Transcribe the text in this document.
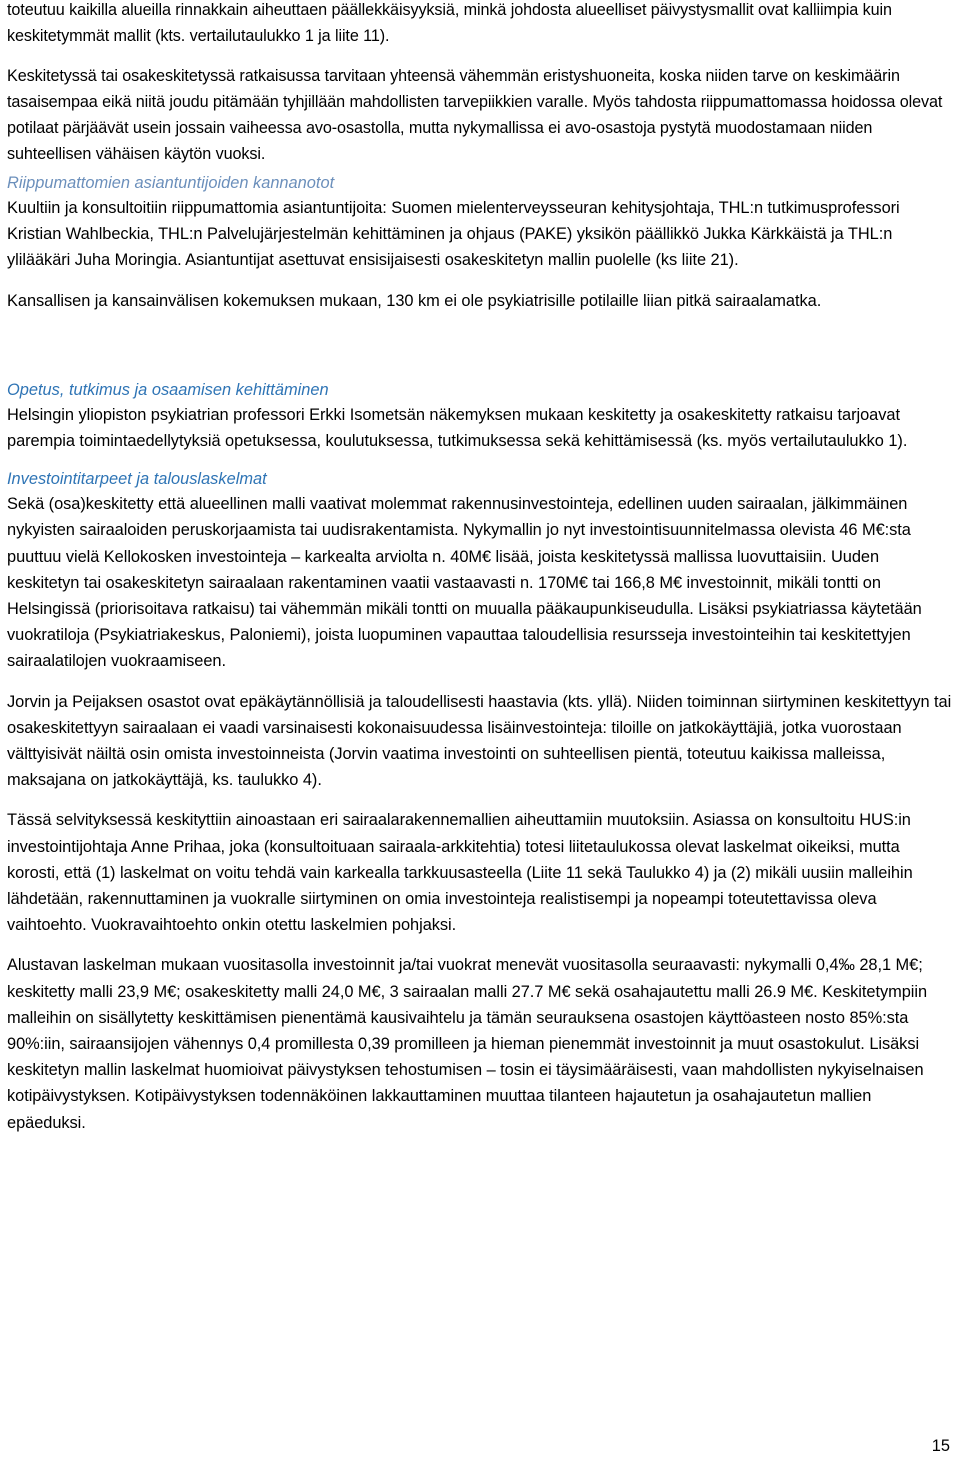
toteutuu kaikilla alueilla rinnakkain aiheuttaen päällekkäisyyksiä, minkä johdosta alueelliset päivystysmallit ovat kalliimpia kuin keskitetymmät mallit (kts. vertailutaulukko 1 ja liite 11).

Keskitetyssä tai osakeskitetyssä ratkaisussa tarvitaan yhteensä vähemmän eristyshuoneita, koska niiden tarve on keskimäärin tasaisempaa eikä niitä joudu pitämään tyhjillään mahdollisten tarvepiikkien varalle. Myös tahdosta riippumattomassa hoidossa olevat potilaat pärjäävät usein jossain vaiheessa avo-osastolla, mutta nykymallissa ei avo-osastoja pystytä muodostamaan niiden suhteellisen vähäisen käytön vuoksi.

Riippumattomien asiantuntijoiden kannanotot

Kuultiin ja konsultoitiin riippumattomia asiantuntijoita: Suomen mielenterveysseuran kehitysjohtaja, THL:n tutkimusprofessori Kristian Wahlbeckia, THL:n Palvelujärjestelmän kehittäminen ja ohjaus (PAKE) yksikön päällikkö Jukka Kärkkäistä ja THL:n ylilääkäri Juha Moringia. Asiantuntijat asettuvat ensisijaisesti osakeskitetyn mallin puolelle (ks liite 21).

Kansallisen ja kansainvälisen kokemuksen mukaan, 130 km ei ole psykiatrisille potilaille liian pitkä sairaalamatka.

Opetus, tutkimus ja osaamisen kehittäminen

Helsingin yliopiston psykiatrian professori Erkki Isometsän näkemyksen mukaan keskitetty ja osakeskitetty ratkaisu tarjoavat parempia toimintaedellytyksiä opetuksessa, koulutuksessa, tutkimuksessa sekä kehittämisessä (ks. myös vertailutaulukko 1).

Investointitarpeet ja talouslaskelmat

Sekä (osa)keskitetty että alueellinen malli vaativat molemmat rakennusinvestointeja, edellinen uuden sairaalan, jälkimmäinen nykyisten sairaaloiden peruskorjaamista tai uudisrakentamista. Nykymallin jo nyt investointisuunnitelmassa olevista 46 M€:sta puuttuu vielä Kellokosken investointeja – karkealta arviolta n. 40M€ lisää, joista keskitetyssä mallissa luovuttaisiin. Uuden keskitetyn tai osakeskitetyn sairaalaan rakentaminen vaatii vastaavasti n. 170M€ tai 166,8 M€ investoinnit, mikäli tontti on Helsingissä (priorisoitava ratkaisu) tai vähemmän mikäli tontti on muualla pääkaupunkiseudulla. Lisäksi psykiatriassa käytetään vuokratiloja (Psykiatriakeskus, Paloniemi), joista luopuminen vapauttaa taloudellisia resursseja investointeihin tai keskitettyjen sairaalatilojen vuokraamiseen.

Jorvin ja Peijaksen osastot ovat epäkäytännöllisiä ja taloudellisesti haastavia (kts. yllä). Niiden toiminnan siirtyminen keskitettyyn tai osakeskitettyyn sairaalaan ei vaadi varsinaisesti kokonaisuudessa lisäinvestointeja: tiloille on jatkokäyttäjiä, jotka vuorostaan välttyisivät näiltä osin omista investoinneista (Jorvin vaatima investointi on suhteellisen pientä, toteutuu kaikissa malleissa, maksajana on jatkokäyttäjä, ks. taulukko 4).

Tässä selvityksessä keskityttiin ainoastaan eri sairaalarakennemallien aiheuttamiin muutoksiin. Asiassa on konsultoitu HUS:in investointijohtaja Anne Prihaa, joka (konsultoituaan sairaala-arkkitehtia) totesi liitetaulukossa olevat laskelmat oikeiksi, mutta korosti, että (1) laskelmat on voitu tehdä vain karkealla tarkkuusasteella (Liite 11 sekä Taulukko 4) ja (2) mikäli uusiin malleihin lähdetään, rakennuttaminen ja vuokralle siirtyminen on omia investointeja realistisempi ja nopeampi toteutettavissa oleva vaihtoehto. Vuokravaihtoehto onkin otettu laskelmien pohjaksi.

Alustavan laskelman mukaan vuositasolla investoinnit ja/tai vuokrat menevät vuositasolla seuraavasti: nykymalli 0,4‰ 28,1 M€; keskitetty malli 23,9 M€; osakeskitetty malli 24,0 M€, 3 sairaalan malli 27.7 M€ sekä osahajautettu malli 26.9 M€. Keskitetympiin malleihin on sisällytetty keskittämisen pienentämä kausivaihtelu ja tämän seurauksena osastojen käyttöasteen nosto 85%:sta 90%:iin, sairaansijojen vähennys 0,4 promillesta 0,39 promilleen ja hieman pienemmät investoinnit ja muut osastokulut. Lisäksi keskitetyn mallin laskelmat huomioivat päivystyksen tehostumisen – tosin ei täysimääräisesti, vaan mahdollisten nykyiselnaisen kotipäivystyksen. Kotipäivystyksen todennäköinen lakkauttaminen muuttaa tilanteen hajautetun ja osahajautetun mallien epäeduksi.

15
